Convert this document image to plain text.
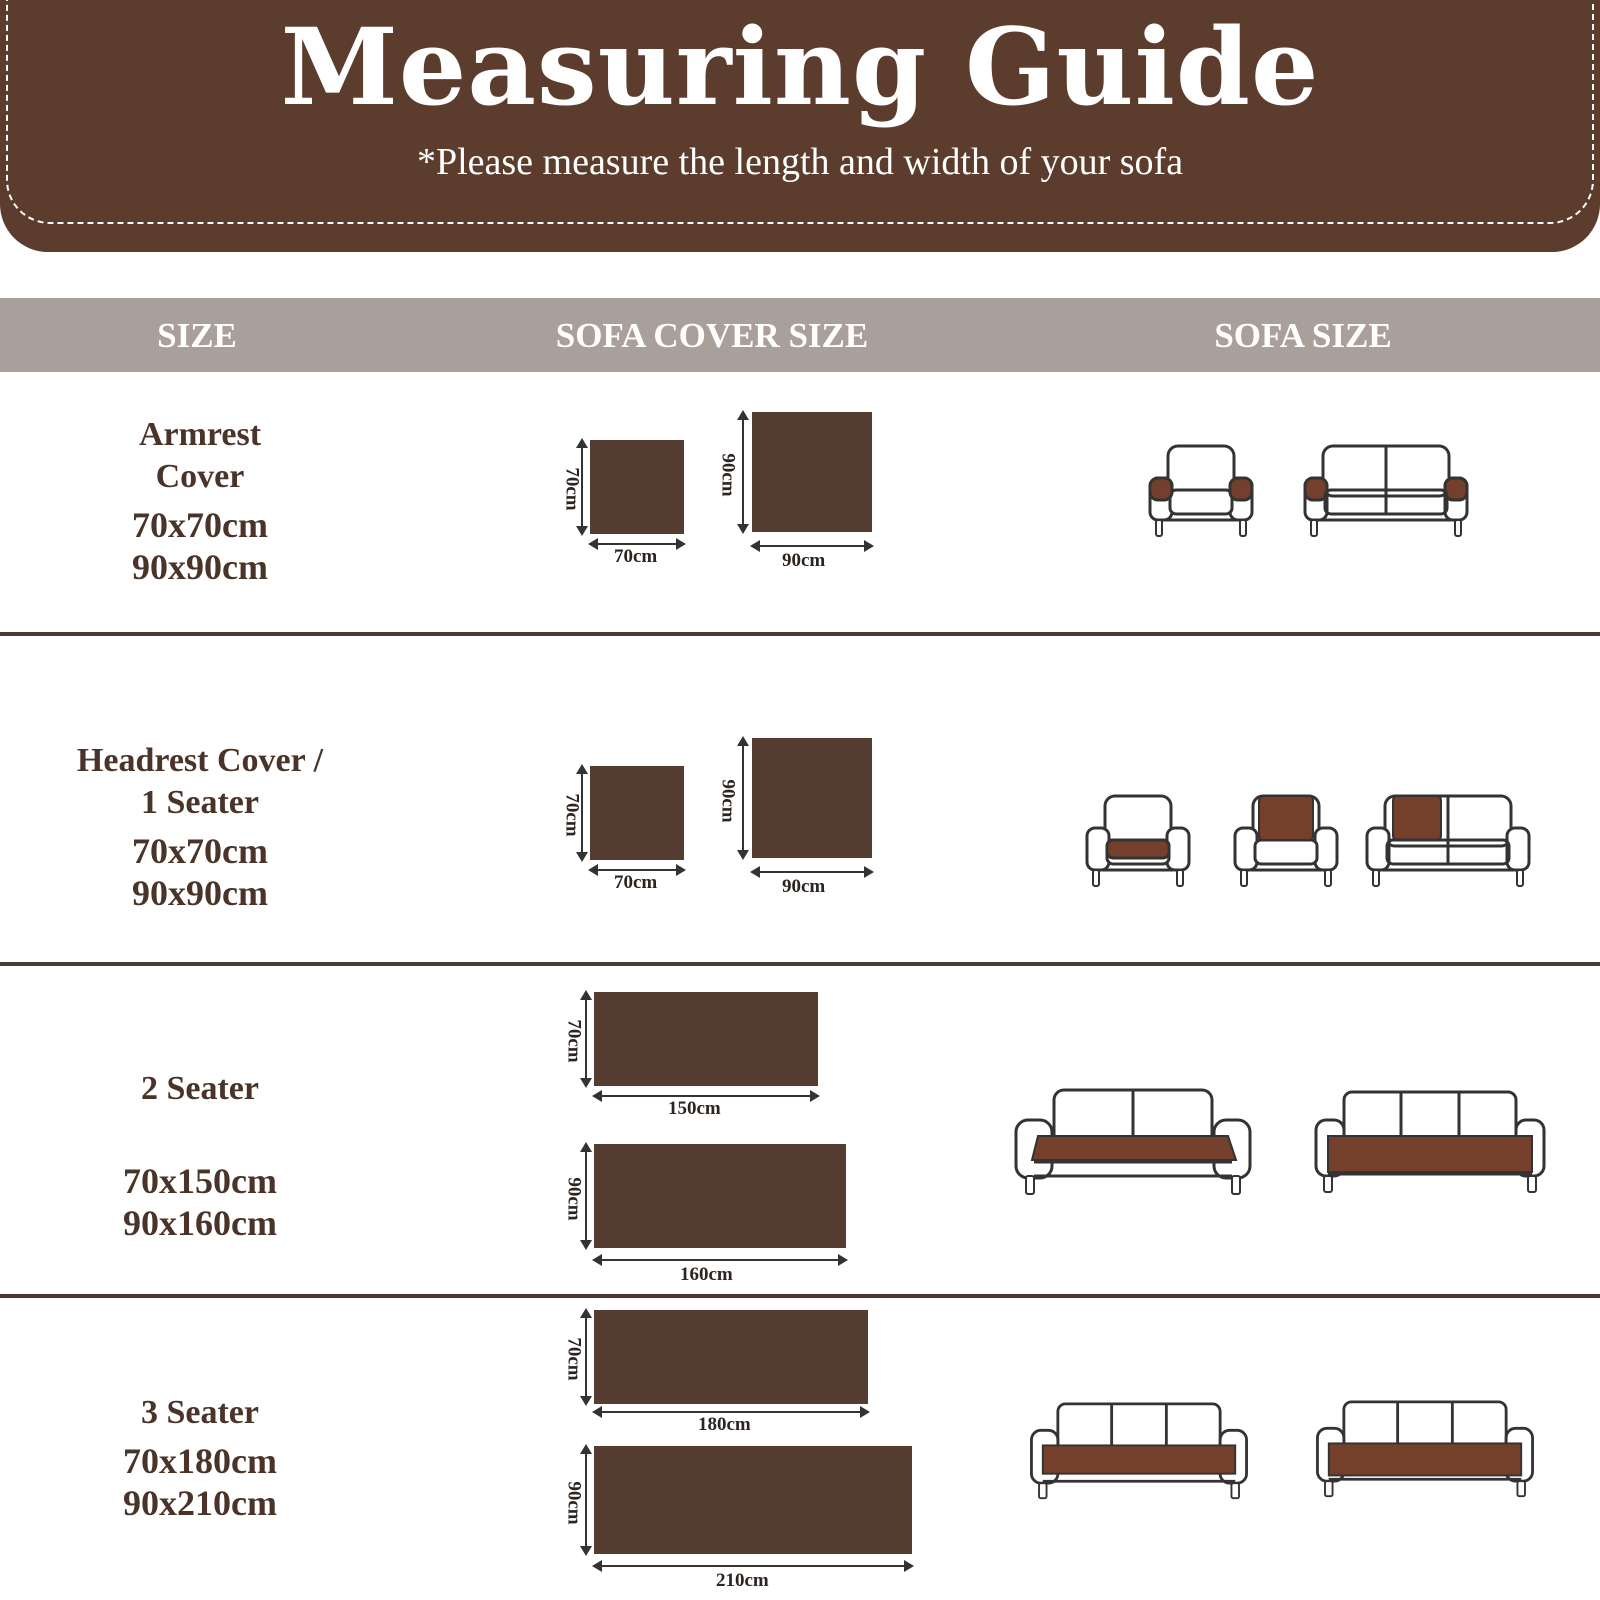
Measuring Guide
*Please measure the length and width of your sofa
SIZE	SOFA COVER SIZE	SOFA SIZE
Armrest
Cover
70x70cm
90x90cm
70cm
70cm
90cm
90cm
Headrest Cover /
1 Seater
70x70cm
90x90cm
70cm
70cm
90cm
90cm
2 Seater
70x150cm
90x160cm
70cm
150cm
90cm
160cm
3 Seater
70x180cm
90x210cm
70cm
180cm
90cm
210cm
